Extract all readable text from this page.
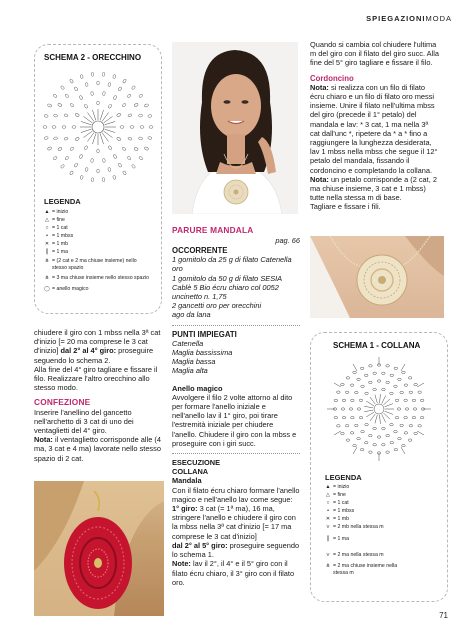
SPIEGAZIONIMODA
SCHEMA 2 - ORECCHINO
LEGENDA
▲ = inizio
△ = fine
○ = 1 cat
• = 1 mbss
✕ = 1 mb
┃ = 1 ma
⋔ = (2 cat e 2 ma chiuse insieme) nello stesso spazio
⋔ = 3 ma chiuse insieme nello stesso spazio
◯ = anello magico

chiudere il giro con 1 mbss nella 3ª cat d'inizio [= 20 ma comprese le 3 cat d'inizio] dal 2° al 4° giro: proseguire seguendo lo schema 2.

Alla fine del 4° giro tagliare e fissare il filo. Realizzare l'altro orecchino allo stesso modo.

CONFEZIONE

Inserire l'anellino del gancetto nell'archetto di 3 cat di uno dei ventaglietti del 4° giro.

Nota: il ventaglietto corrisponde alle (4 ma, 3 cat e 4 ma) lavorate nello stesso spazio di 2 cat.

PARURE MANDALA
pag. 66

OCCORRENTE

1 gomitolo da 25 g di filato Catenella oro

1 gomitolo da 50 g di filato SESIA Cablè 5 Bio écru chiaro col 0052

uncinetto n. 1,75

2 gancetti oro per orecchini

ago da lana

PUNTI IMPIEGATI

Catenella

Maglia bassissima

Maglia bassa

Maglia alta

Anello magico

Avvolgere il filo 2 volte attorno al dito per formare l'anello iniziale e nell'anello lav il 1° giro, poi tirare l'estremità iniziale per chiudere l'anello. Chiudere il giro con la mbss e proseguire con i giri succ.

ESECUZIONE

COLLANA

Mandala

Con il filato écru chiaro formare l'anello magico e nell'anello lav come segue:

1° giro: 3 cat (= 1ª ma), 16 ma, stringere l'anello e chiudere il giro con la mbss nella 3ª cat d'inizio [= 17 ma comprese le 3 cat d'inizio]

dal 2° al 5° giro: proseguire seguendo lo schema 1.

Note: lav il 2°, il 4° e il 5° giro con il filato écru chiaro, il 3° giro con il filato oro.

Quando si cambia col chiudere l'ultima m del giro con il filato del giro succ. Alla fine del 5° giro tagliare e fissare il filo.

Cordoncino

Nota: si realizza con un filo di filato écru chiaro e un filo di filato oro messi insieme. Unire il filato nell'ultima mbss del giro (precede il 1° petalo) del mandala e lav: * 3 cat, 1 ma nella 3ª cat dall'unc *, ripetere da * a * fino a raggiungere la lunghezza desiderata, lav 1 mbss nella mbss che segue il 12° petalo del mandala, fissando il cordoncino e completando la collana.

Nota: un petalo corrisponde a (2 cat, 2 ma chiuse insieme, 3 cat e 1 mbss) tutte nella stessa m di base.

Tagliare e fissare i fili.

SCHEMA 1 - COLLANA
LEGENDA
▲ = inizio
△ = fine
○ = 1 cat
• = 1 mbss
✕ = 1 mb
⋎ = 2 mb nella stessa m
┃ = 1 ma
⋎ = 2 ma nella stessa m
⋔ = 2 ma chiuse insieme nella stessa m
71
